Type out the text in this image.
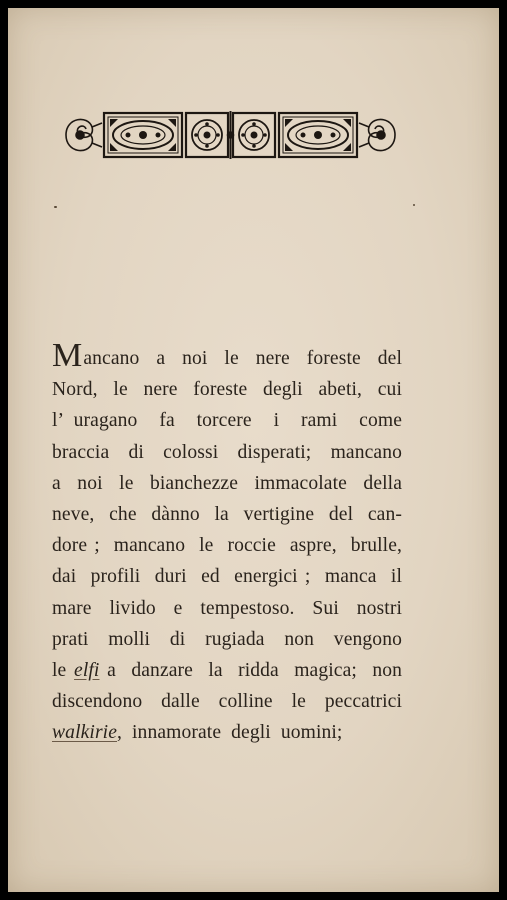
Mancano  a  noi  le  nere  foreste  del
Nord,  le  nere  foreste  degli  abeti,  cui
l’ uragano  fa  torcere  i  rami  come
braccia  di  colossi  disperati;  mancano
a  noi  le  bianchezze  immacolate  della
neve,  che  dànno  la  vertigine  del  can-
dore ;  mancano  le  roccie  aspre,  brulle,
dai  profili  duri  ed  energici ;  manca  il
mare  livido  e  tempestoso.  Sui  nostri
prati  molli  di  rugiada  non  vengono
le elfi a  danzare  la  ridda  magica;  non
discendono  dalle  colline  le  peccatrici
walkirie,  innamorate  degli  uomini;
